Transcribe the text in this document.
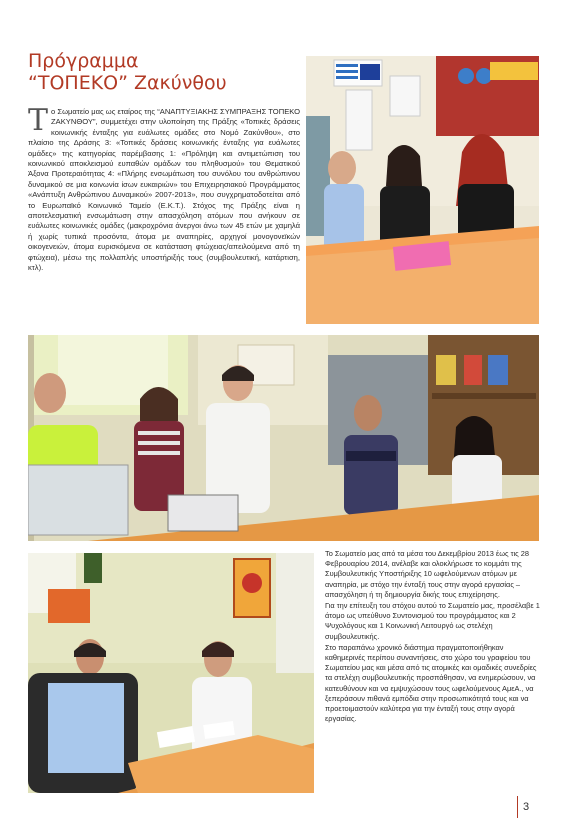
Πρόγραμμα
“ΤΟΠΕΚΟ” Ζακύνθου
Το Σωματείο μας ως εταίρος της “ΑΝΑΠΤΥΞΙΑΚΗΣ ΣΥΜΠΡΑΞΗΣ ΤΟΠΕΚΟ ΖΑΚΥΝΘΟΥ”, συμμετέχει στην υλοποίηση της Πράξης «Τοπικές δράσεις κοινωνικής ένταξης για ευάλωτες ομάδες στο Νομό Ζακύνθου», στο πλαίσιο της Δράσης 3: «Τοπικές δράσεις κοινωνικής ένταξης για ευάλωτες ομάδες» της κατηγορίας παρέμβασης 1: «Πρόληψη και αντιμετώπιση του κοινωνικού αποκλεισμού ευπαθών ομάδων του πληθυσμού» του Θεματικού Άξονα Προτεραιότητας 4: «Πλήρης ενσωμάτωση του συνόλου του ανθρώπινου δυναμικού σε μια κοινωνία ίσων ευκαιριών» του Επιχειρησιακού Προγράμματος «Ανάπτυξη Ανθρώπινου Δυναμικού» 2007-2013», που συγχρηματοδοτείται από το Ευρωπαϊκό Κοινωνικό Ταμείο (Ε.Κ.Τ.). Στόχος της Πράξης είναι η αποτελεσματική ενσωμάτωση στην απασχόληση ατόμων που ανήκουν σε ευάλωτες κοινωνικές ομάδες (μακροχρόνια άνεργοι άνω των 45 ετών με χαμηλά ή χωρίς τυπικά προσόντα, άτομα με αναπηρίες, αρχηγοί μονογονεϊκών οικογενειών, άτομα ευρισκόμενα σε κατάσταση φτώχειας/απειλούμενα από τη φτώχεια), μέσω της πολλαπλής υποστήριξής τους (συμβουλευτική, κατάρτιση, κτλ).

Το Σωματείο μας από τα μέσα του Δεκεμβρίου 2013 έως τις 28 Φεβρουαρίου 2014, ανέλαβε και ολοκλήρωσε το κομμάτι της Συμβουλευτικής Υποστήριξης 10 ωφελούμενων ατόμων με αναπηρία, με στόχο την ένταξή τους στην αγορά εργασίας – απασχόληση ή τη δημιουργία δικής τους επιχείρησης.

Για την επίτευξη του στόχου αυτού το Σωματείο μας, προσέλαβε 1 άτομο ως υπεύθυνο Συντονισμού του προγράμματος και 2 Ψυχολόγους και 1 Κοινωνική Λειτουργό ως στελέχη συμβουλευτικής.

Στο παραπάνω χρονικό διάστημα πραγματοποιήθηκαν καθημερινές περίπου συναντήσεις, στο χώρο του γραφείου του Σωματείου μας και μέσα από τις ατομικές και ομαδικές συνεδρίες τα στελέχη συμβουλευτικής προσπάθησαν, να ενημερώσουν, να κατευθύνουν και να εμψυχώσουν τους ωφελούμενους ΑμεΑ., να ξεπεράσουν πιθανά εμπόδια στην προσωπικότητά τους και να προετοιμαστούν καλύτερα για την ένταξή τους στην αγορά εργασίας.

3
